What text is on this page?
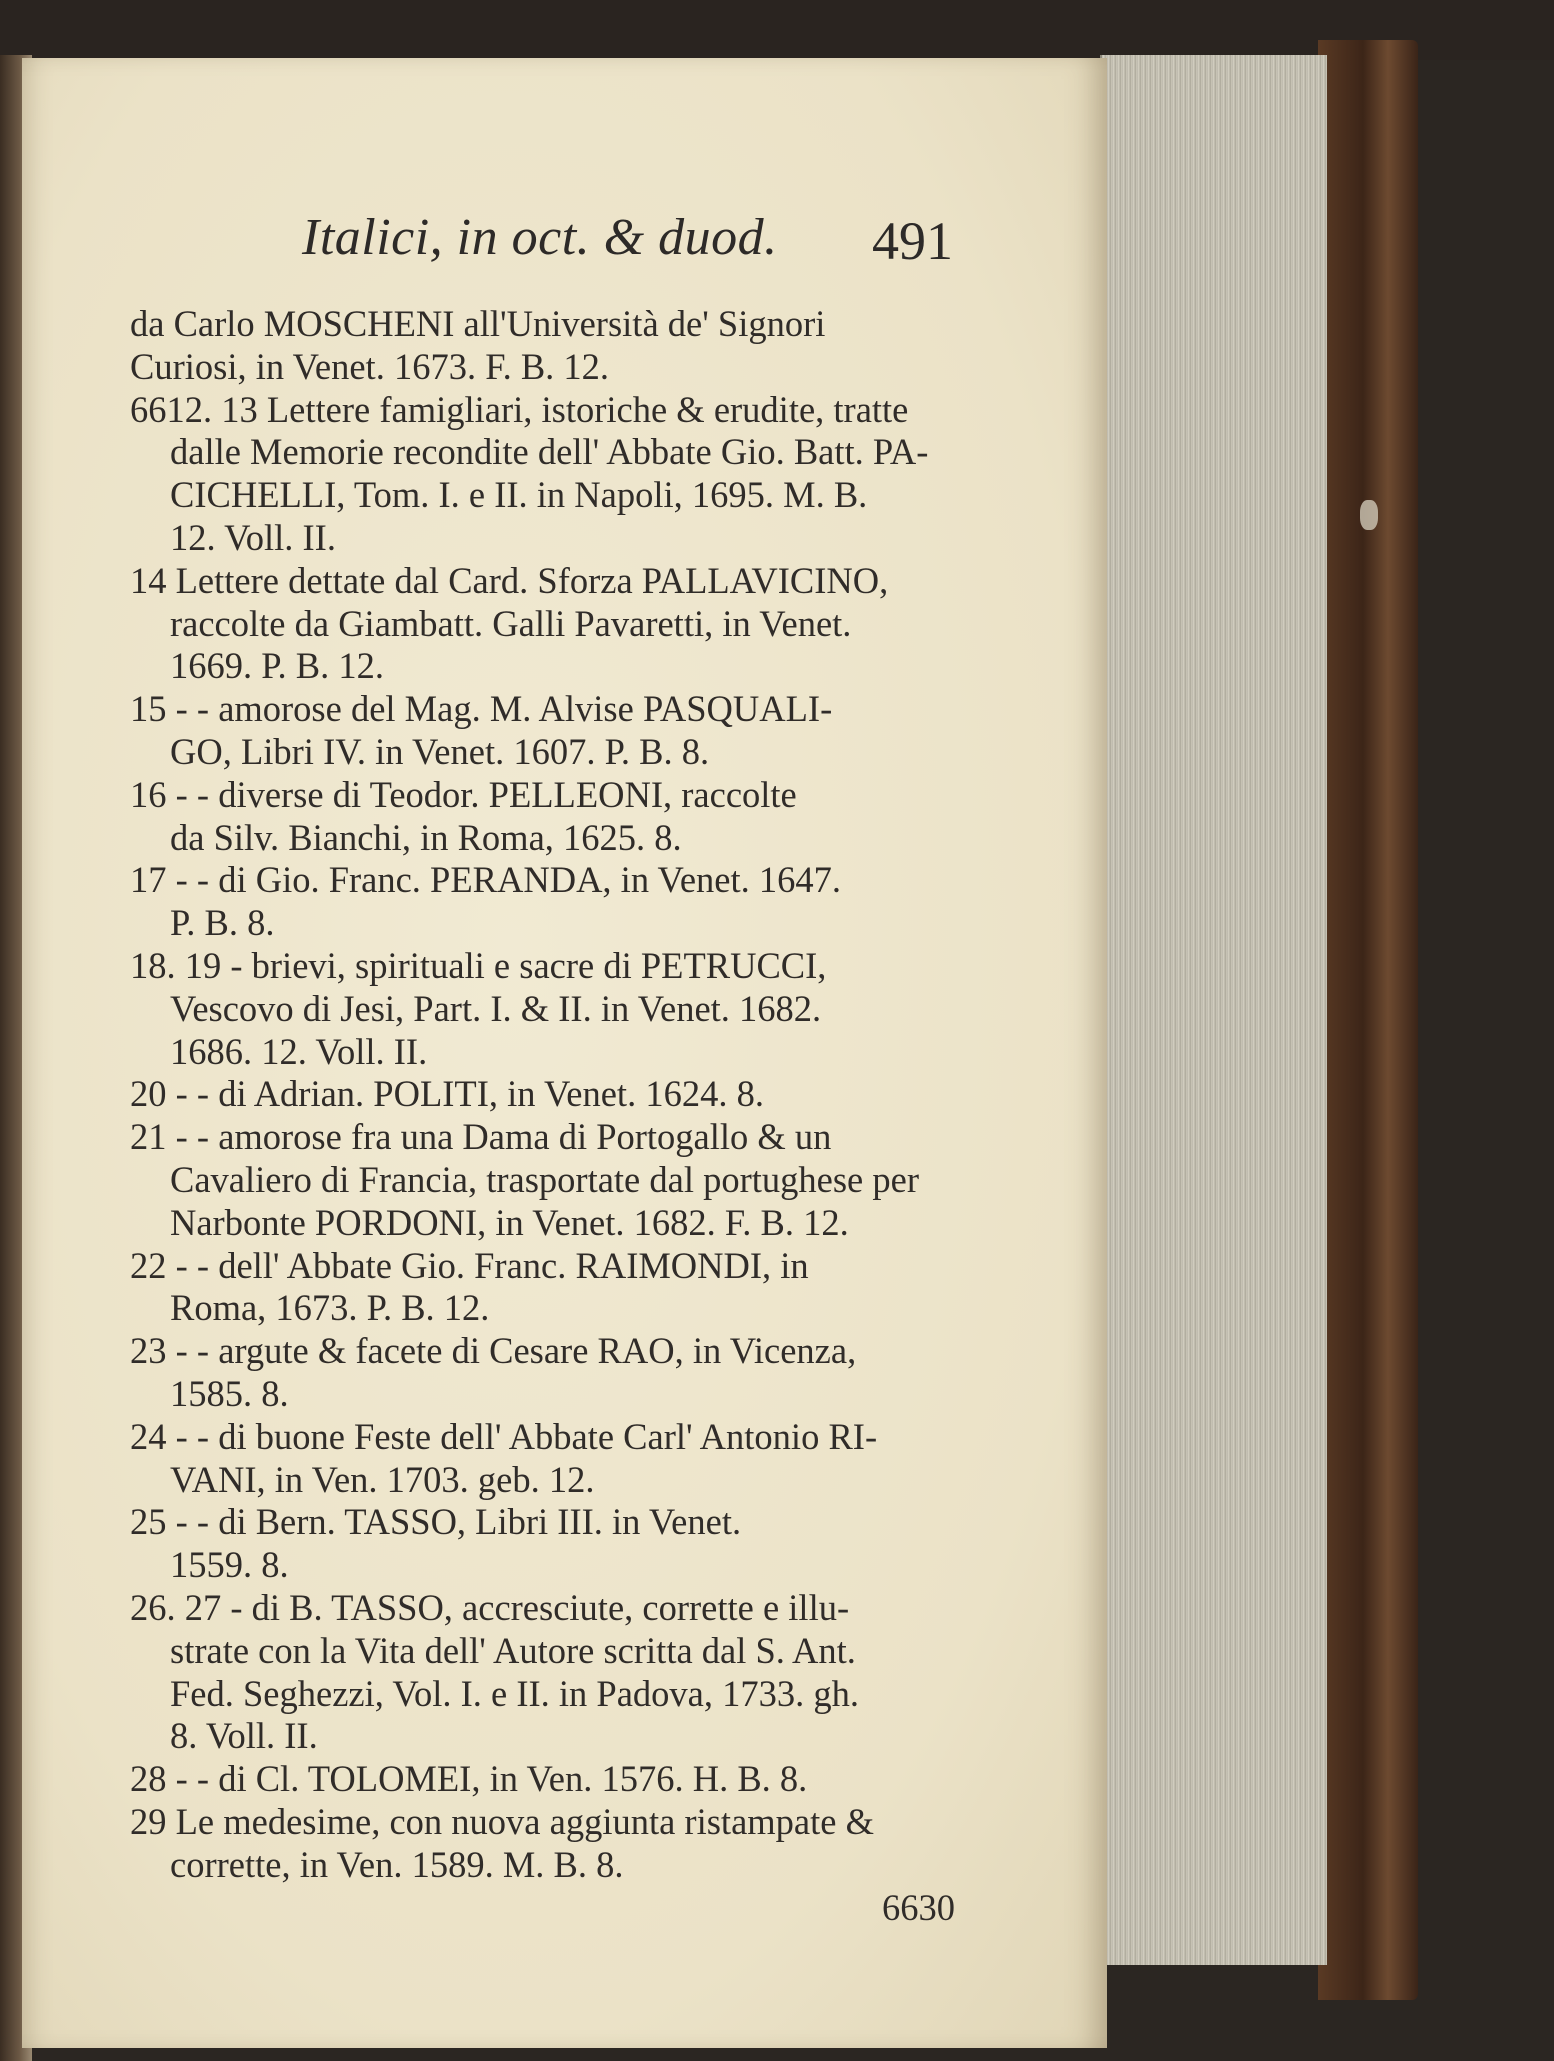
Italici, in oct. & duod. 491
da Carlo MOSCHENI all'Università de' Signori
Curiosi, in Venet. 1673. F. B. 12.
6612. 13 Lettere famigliari, istoriche & erudite, tratte
dalle Memorie recondite dell' Abbate Gio. Batt. PA-
CICHELLI, Tom. I. e II. in Napoli, 1695. M. B.
12. Voll. II.
14 Lettere dettate dal Card. Sforza PALLAVICINO,
raccolte da Giambatt. Galli Pavaretti, in Venet.
1669. P. B. 12.
15 - - amorose del Mag. M. Alvise PASQUALI-
GO, Libri IV. in Venet. 1607. P. B. 8.
16 - - diverse di Teodor. PELLEONI, raccolte
da Silv. Bianchi, in Roma, 1625. 8.
17 - - di Gio. Franc. PERANDA, in Venet. 1647.
P. B. 8.
18. 19 - brievi, spirituali e sacre di PETRUCCI,
Vescovo di Jesi, Part. I. & II. in Venet. 1682.
1686. 12. Voll. II.
20 - - di Adrian. POLITI, in Venet. 1624. 8.
21 - - amorose fra una Dama di Portogallo & un
Cavaliero di Francia, trasportate dal portughese per
Narbonte PORDONI, in Venet. 1682. F. B. 12.
22 - - dell' Abbate Gio. Franc. RAIMONDI, in
Roma, 1673. P. B. 12.
23 - - argute & facete di Cesare RAO, in Vicenza,
1585. 8.
24 - - di buone Feste dell' Abbate Carl' Antonio RI-
VANI, in Ven. 1703. geb. 12.
25 - - di Bern. TASSO, Libri III. in Venet.
1559. 8.
26. 27 - di B. TASSO, accresciute, corrette e illu-
strate con la Vita dell' Autore scritta dal S. Ant.
Fed. Seghezzi, Vol. I. e II. in Padova, 1733. gh.
8. Voll. II.
28 - - di Cl. TOLOMEI, in Ven. 1576. H. B. 8.
29 Le medesime, con nuova aggiunta ristampate &
corrette, in Ven. 1589. M. B. 8.
6630
